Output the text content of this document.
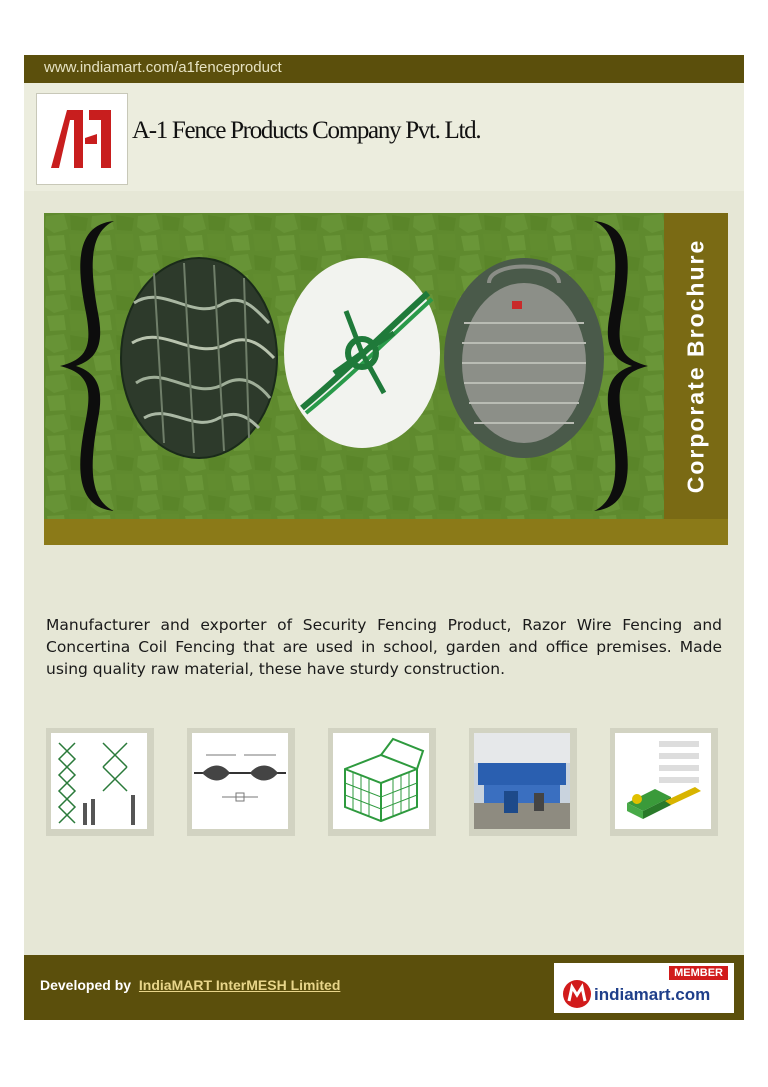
www.indiamart.com/a1fenceproduct
A-1 Fence Products Company Pvt. Ltd.
Corporate Brochure
Manufacturer and exporter of Security Fencing Product, Razor Wire Fencing and Concertina Coil Fencing that are used in school, garden and office premises. Made using quality raw material, these have sturdy construction.
Developed by IndiaMART InterMESH Limited
MEMBER
indiamart.com
